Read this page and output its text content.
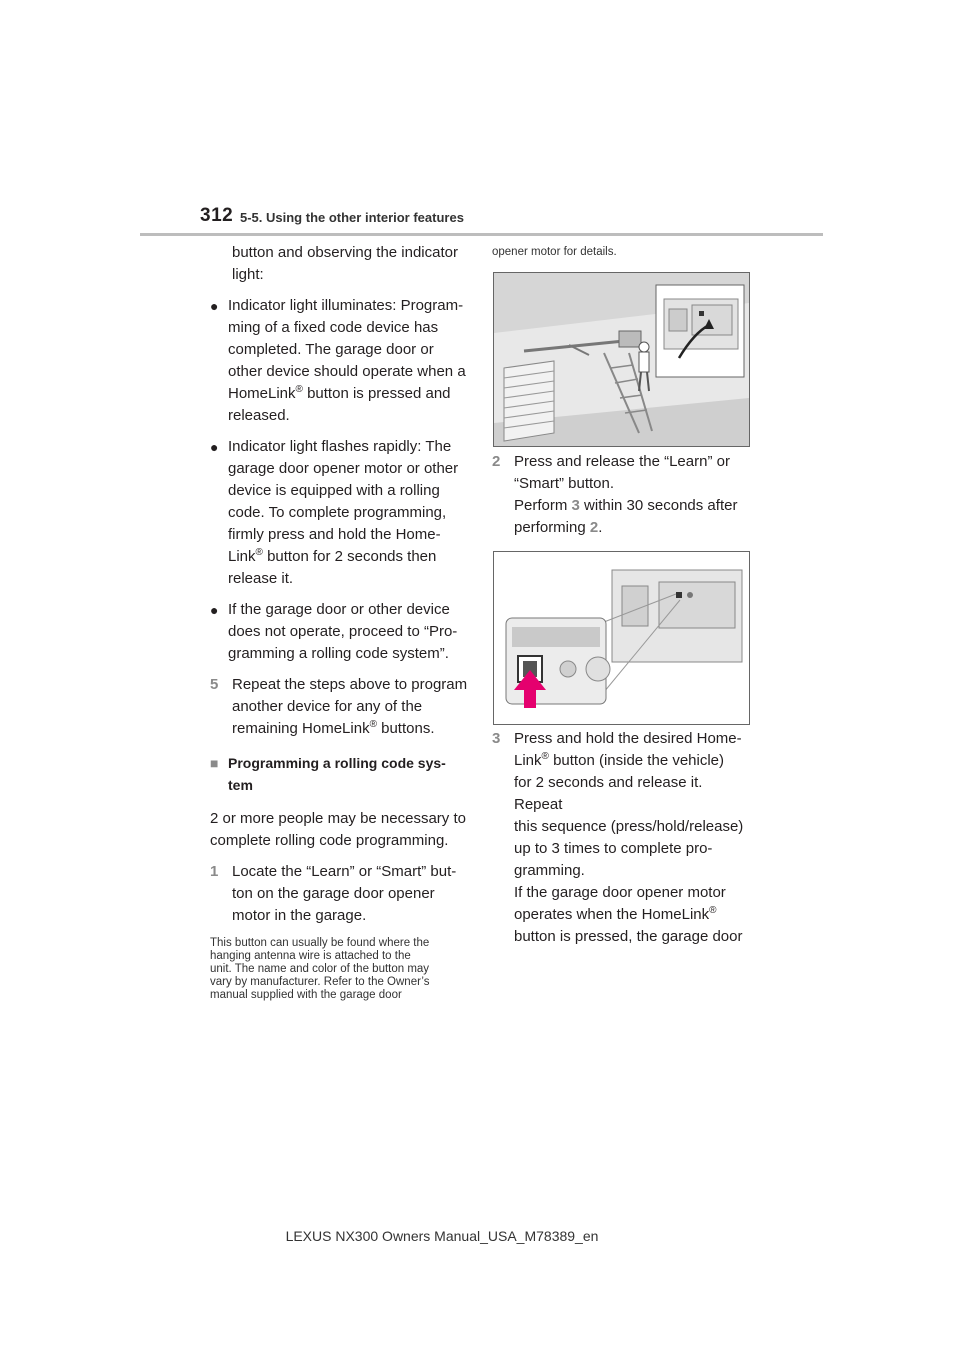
312 5-5. Using the other interior features

button and observing the indicator
light:

● Indicator light illuminates: Program-
ming of a fixed code device has
completed. The garage door or
other device should operate when a
HomeLink® button is pressed and
released.

● Indicator light flashes rapidly: The
garage door opener motor or other
device is equipped with a rolling
code. To complete programming,
firmly press and hold the Home-
Link® button for 2 seconds then
release it.

● If the garage door or other device
does not operate, proceed to “Pro-
gramming a rolling code system”.

5 Repeat the steps above to program
another device for any of the
remaining HomeLink® buttons.

■ Programming a rolling code sys-
tem

2 or more people may be necessary to
complete rolling code programming.

1 Locate the “Learn” or “Smart” but-
ton on the garage door opener
motor in the garage.

This button can usually be found where the
hanging antenna wire is attached to the
unit. The name and color of the button may
vary by manufacturer. Refer to the Owner’s
manual supplied with the garage door

opener motor for details.

2 Press and release the “Learn” or
“Smart” button.
Perform 3 within 30 seconds after
performing 2.

3 Press and hold the desired Home-
Link® button (inside the vehicle)
for 2 seconds and release it. Repeat
this sequence (press/hold/release)
up to 3 times to complete pro-
gramming.
If the garage door opener motor
operates when the HomeLink®
button is pressed, the garage door

LEXUS NX300 Owners Manual_USA_M78389_en
